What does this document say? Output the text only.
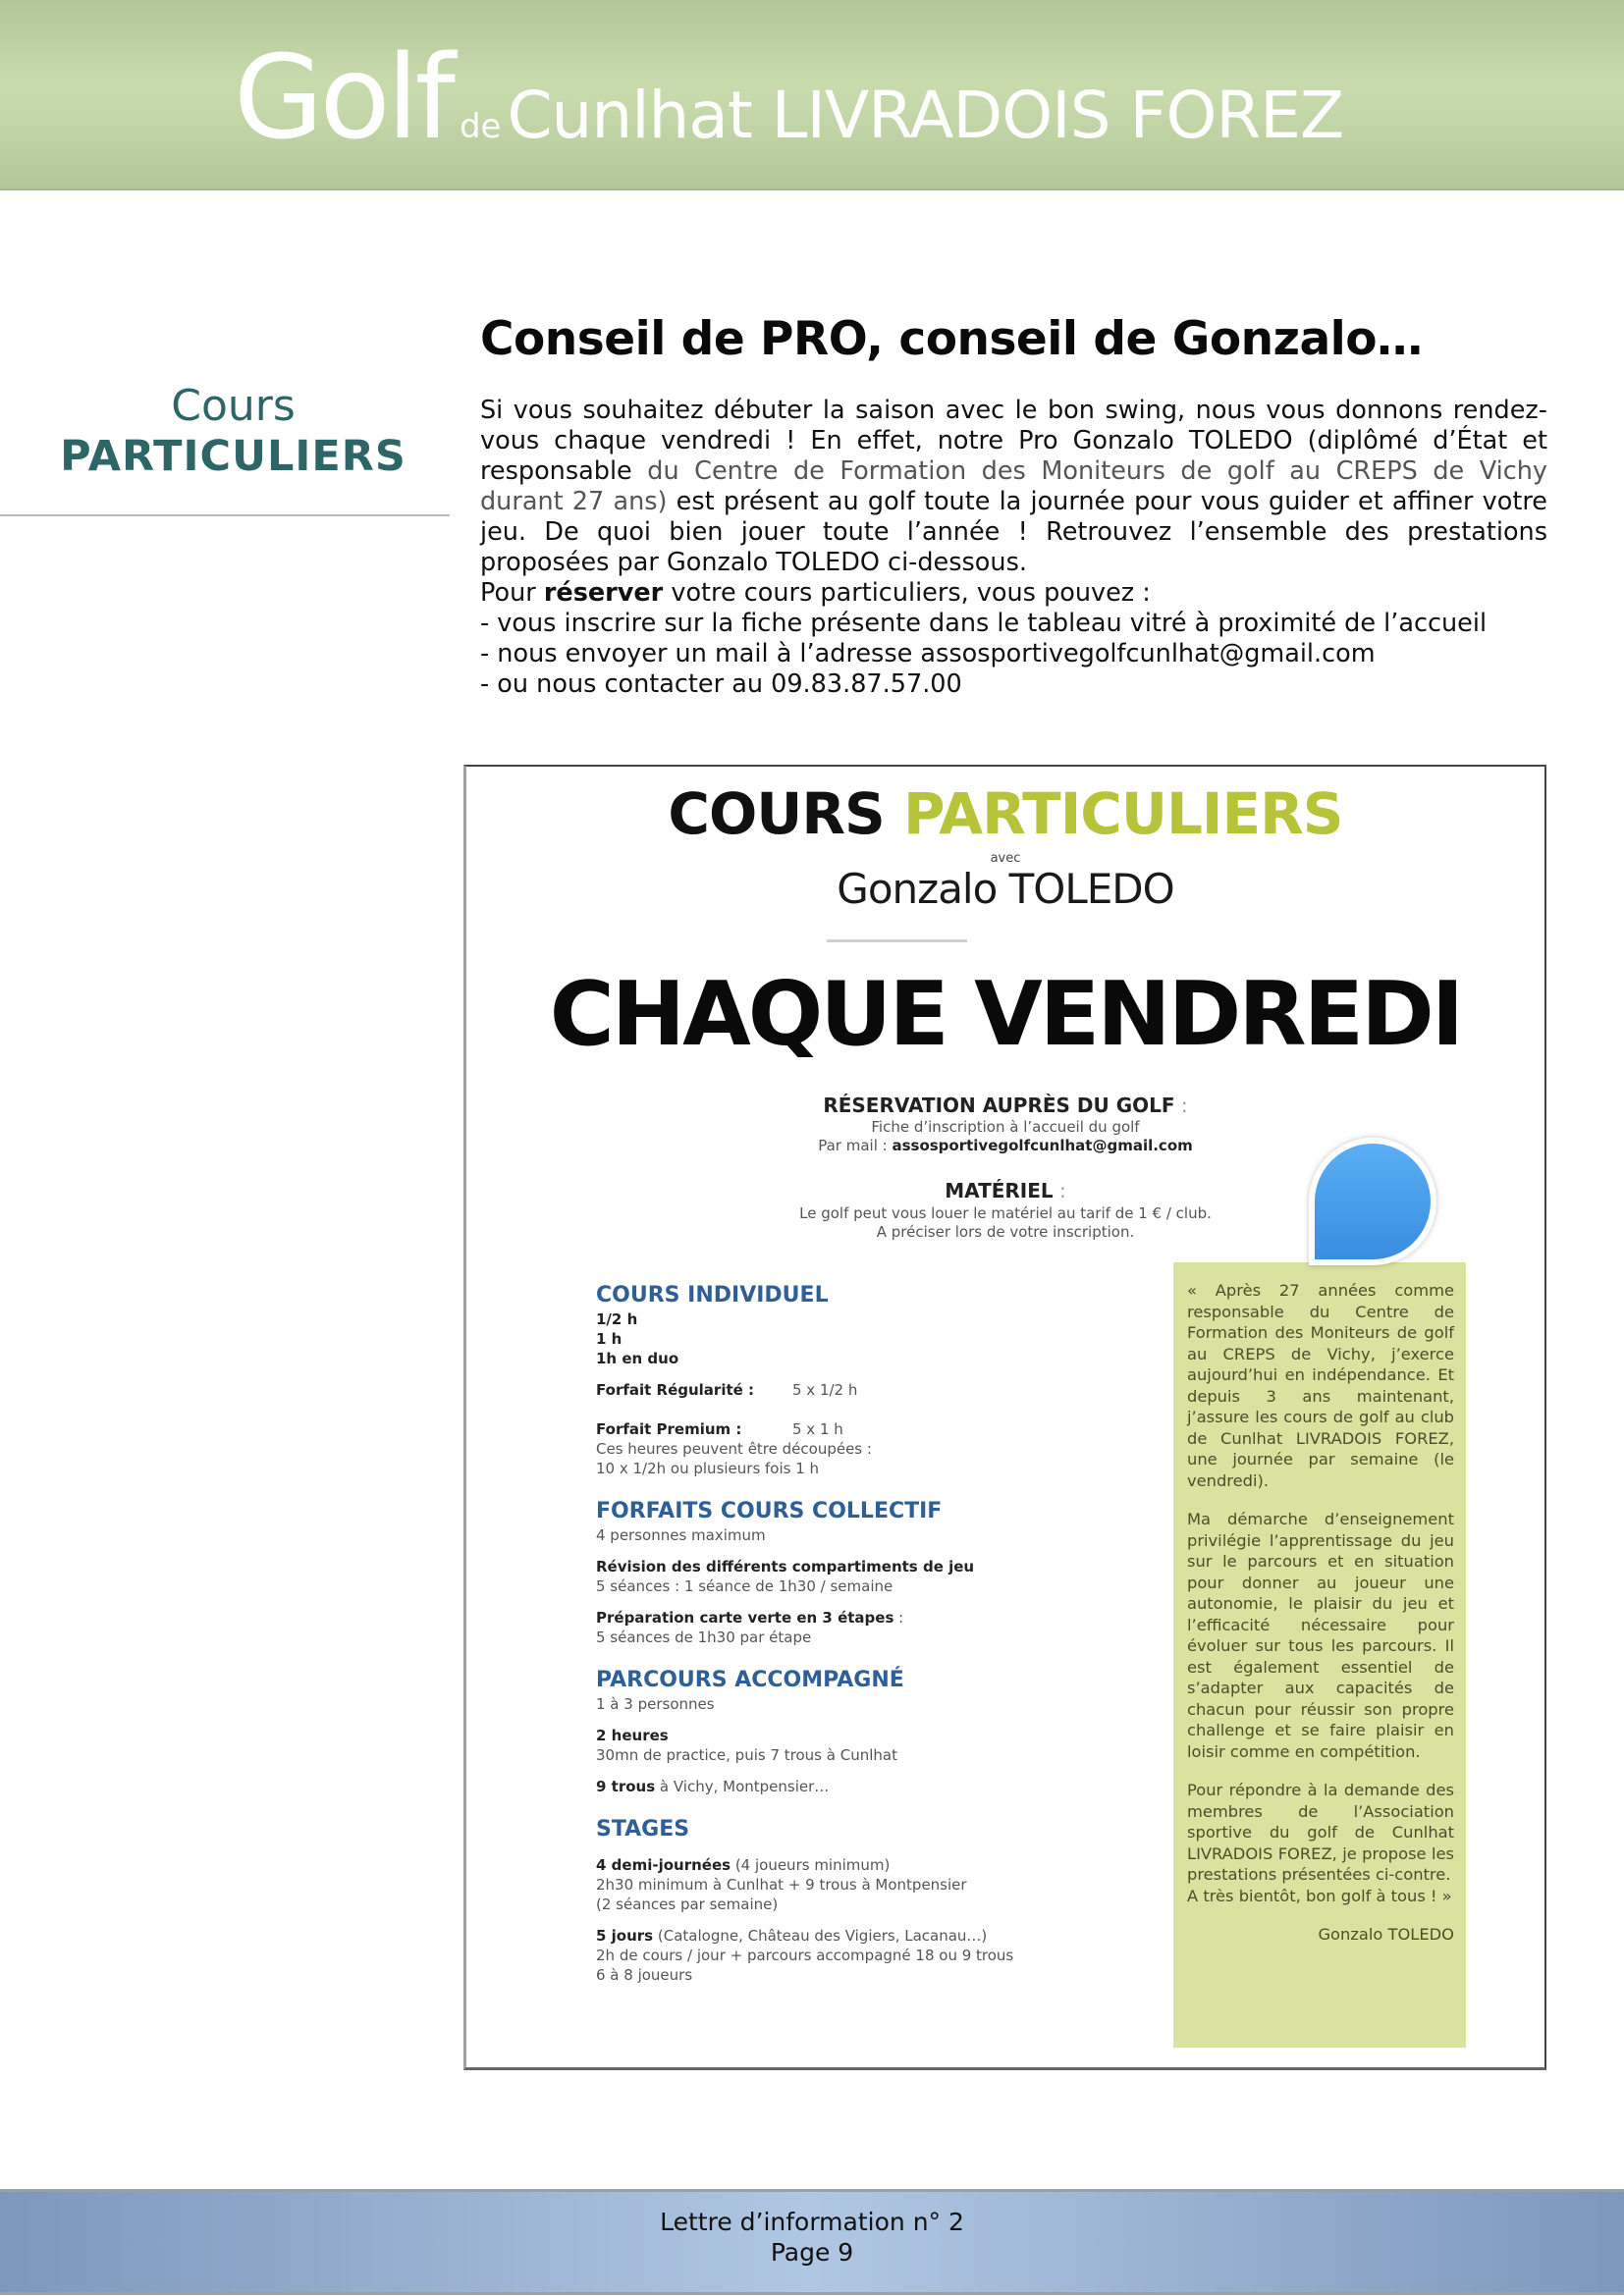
Golf deCunlhat LIVRADOIS FOREZ
Cours
PARTICULIERS
Conseil de PRO, conseil de Gonzalo…

Si vous souhaitez débuter la saison avec le bon swing, nous vous donnons rendez-vous chaque vendredi ! En effet, notre Pro Gonzalo TOLEDO (diplômé d’État et responsable du Centre de Formation des Moniteurs de golf au CREPS de Vichy durant 27 ans) est présent au golf toute la journée pour vous guider et affiner votre jeu. De quoi bien jouer toute l’année ! Retrouvez l’ensemble des prestations proposées par Gonzalo TOLEDO ci-dessous.

Pour réserver votre cours particuliers, vous pouvez :

- vous inscrire sur la fiche présente dans le tableau vitré à proximité de l’accueil

- nous envoyer un mail à l’adresse assosportivegolfcunlhat@gmail.com

- ou nous contacter au 09.83.87.57.00

COURS PARTICULIERS
avec
Gonzalo TOLEDO
CHAQUE VENDREDI
RÉSERVATION AUPRÈS DU GOLF :
Fiche d’inscription à l’accueil du golf
Par mail : assosportivegolfcunlhat@gmail.com
MATÉRIEL :
Le golf peut vous louer le matériel au tarif de 1 € / club.
A préciser lors de votre inscription.
COURS INDIVIDUEL
1/2 h
1 h
1h en duo
Forfait Régularité :	5 x 1/2 h
Forfait Premium :	5 x 1 h
Ces heures peuvent être découpées :
10 x 1/2h ou plusieurs fois 1 h
FORFAITS COURS COLLECTIF
4 personnes maximum
Révision des différents compartiments de jeu
5 séances : 1 séance de 1h30 / semaine
Préparation carte verte en 3 étapes :
5 séances de 1h30 par étape
PARCOURS ACCOMPAGNÉ
1 à 3 personnes
2 heures
30mn de practice, puis 7 trous à Cunlhat
9 trous à Vichy, Montpensier…
STAGES
4 demi-journées (4 joueurs minimum)
2h30 minimum à Cunlhat + 9 trous à Montpensier
(2 séances par semaine)
5 jours (Catalogne, Château des Vigiers, Lacanau…)
2h de cours / jour + parcours accompagné 18 ou 9 trous
6 à 8 joueurs

« Après 27 années comme responsable du Centre de Formation des Moniteurs de golf au CREPS de Vichy, j’exerce aujourd’hui en indépendance. Et depuis 3 ans maintenant, j’assure les cours de golf au club de Cunlhat LIVRADOIS FOREZ, une journée par semaine (le vendredi).

Ma démarche d’enseignement privilégie l’apprentissage du jeu sur le parcours et en situation pour donner au joueur une autonomie, le plaisir du jeu et l’efficacité nécessaire pour évoluer sur tous les parcours. Il est également essentiel de s’adapter aux capacités de chacun pour réussir son propre challenge et se faire plaisir en loisir comme en compétition.

Pour répondre à la demande des membres de l’Association sportive du golf de Cunlhat LIVRADOIS FOREZ, je propose les prestations présentées ci-contre.

A très bientôt, bon golf à tous ! »

Gonzalo TOLEDO
Lettre d’information n° 2
Page 9
